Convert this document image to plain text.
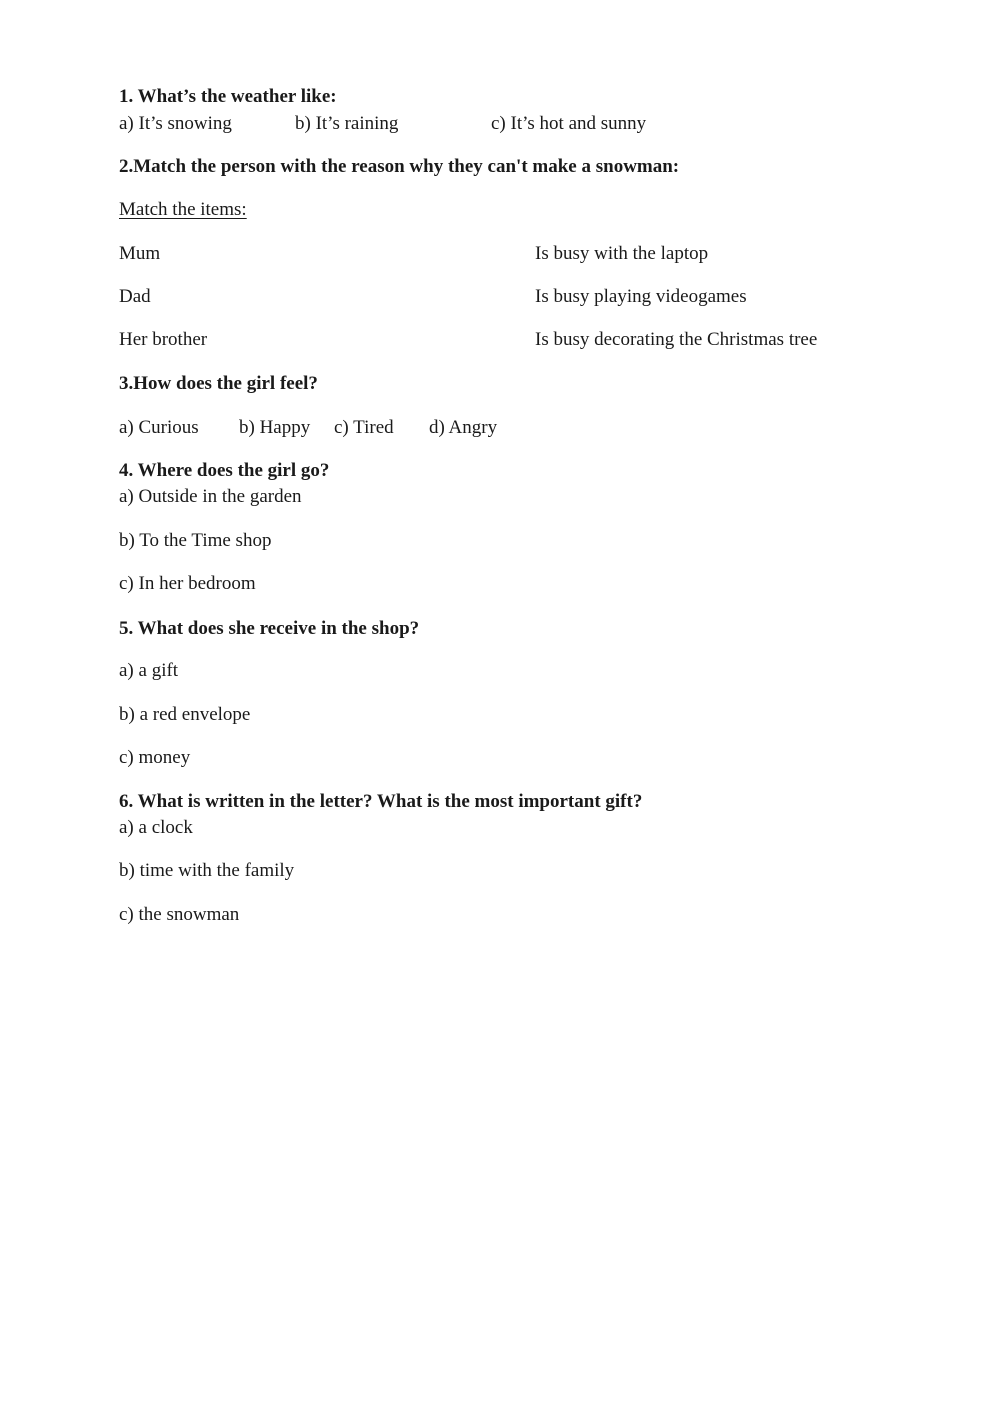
1. What’s the weather like:
a) It’s snowing	b) It’s raining	c) It’s hot and sunny
2.Match the person with the reason why they can't make a snowman:
Match the items:
Mum	Is busy with the laptop
Dad	Is busy playing videogames
Her brother	Is busy decorating the Christmas tree
3.How does the girl feel?
a) Curious b) Happy c) Tired d) Angry
4. Where does the girl go?
a) Outside in the garden
b) To the Time shop
c) In her bedroom
5. What does she receive in the shop?
a) a gift
b) a red envelope
c) money
6. What is written in the letter? What is the most important gift?
a) a clock
b) time with the family
c) the snowman
